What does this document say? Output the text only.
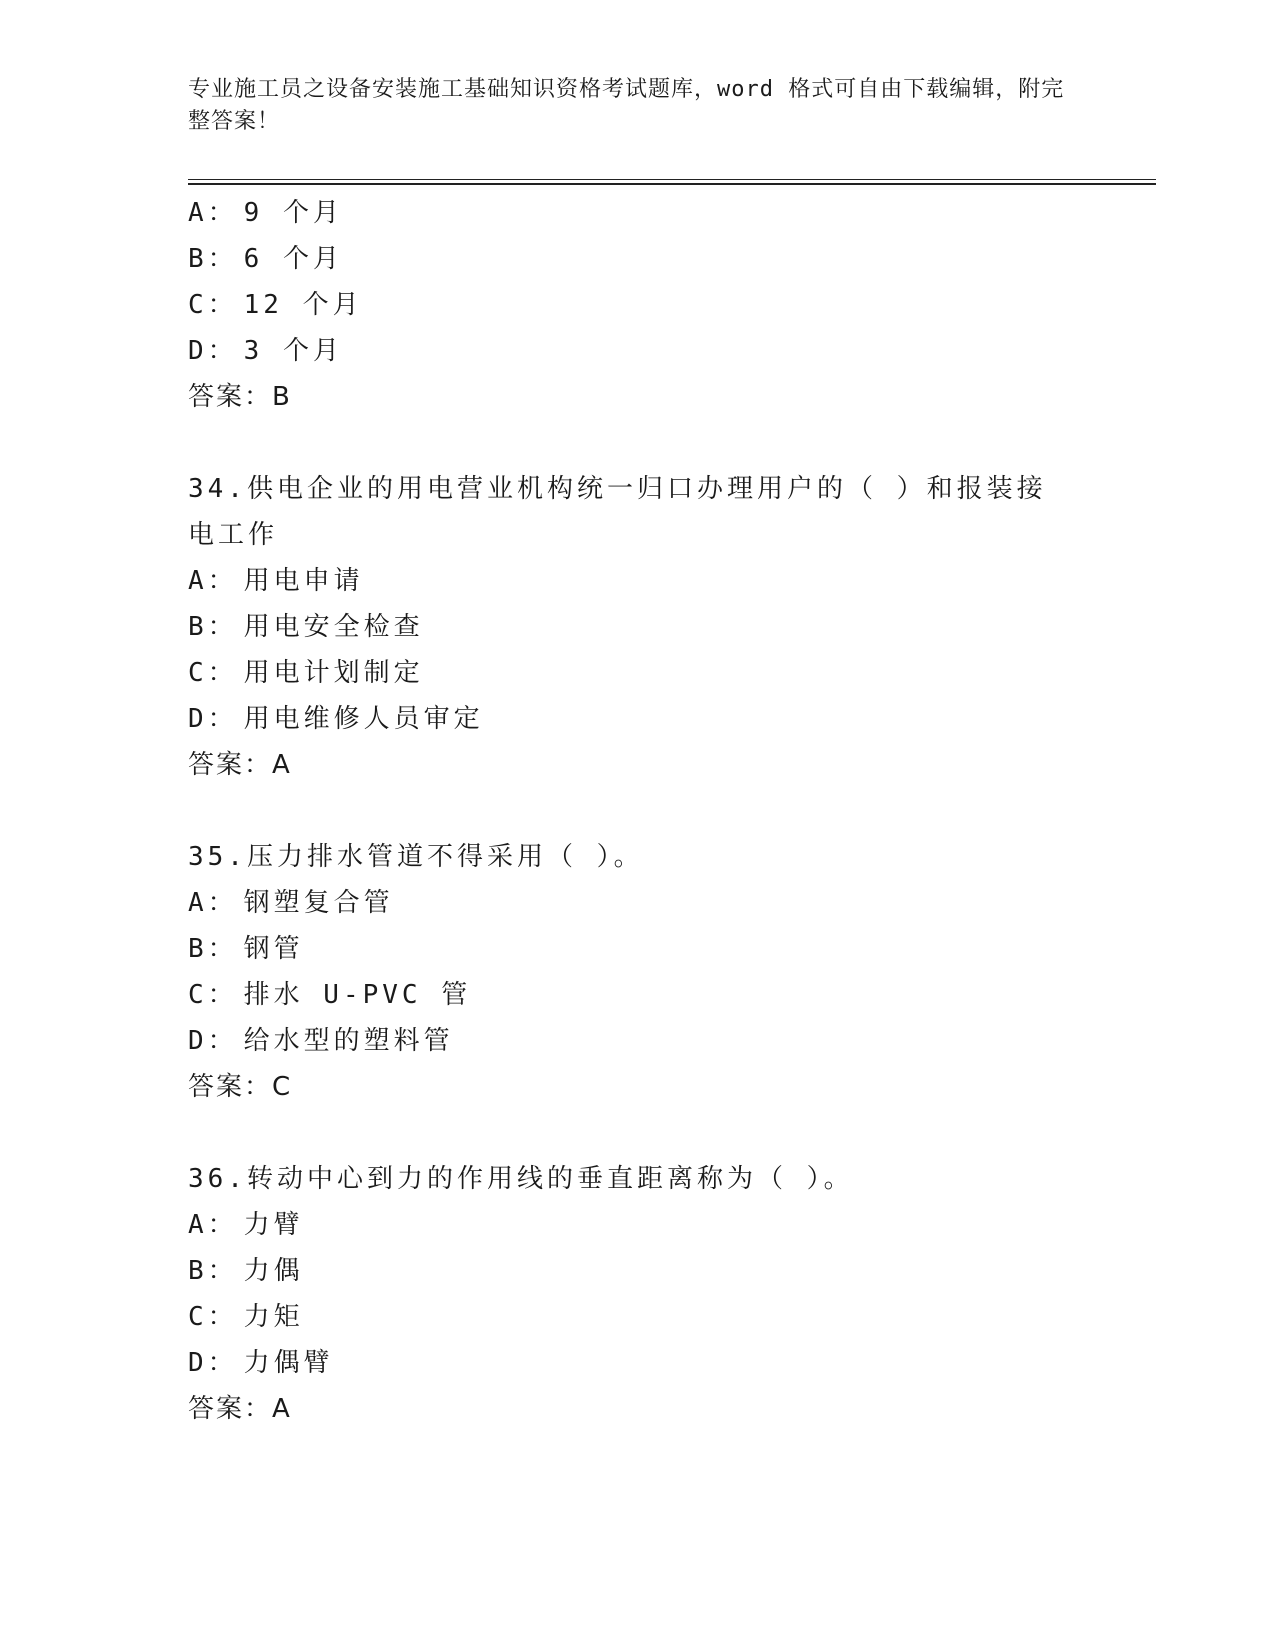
专业施工员之设备安装施工基础知识资格考试题库，word 格式可自由下载编辑，附完整答案！
A： 9 个月
B： 6 个月
C： 12 个月
D： 3 个月
答案：B
34.供电企业的用电营业机构统一归口办理用户的（ ）和报装接电工作
A： 用电申请
B： 用电安全检查
C： 用电计划制定
D： 用电维修人员审定
答案：A
35.压力排水管道不得采用（ ）。
A： 钢塑复合管
B： 钢管
C： 排水 U-PVC 管
D： 给水型的塑料管
答案：C
36.转动中心到力的作用线的垂直距离称为（ ）。
A： 力臂
B： 力偶
C： 力矩
D： 力偶臂
答案：A
